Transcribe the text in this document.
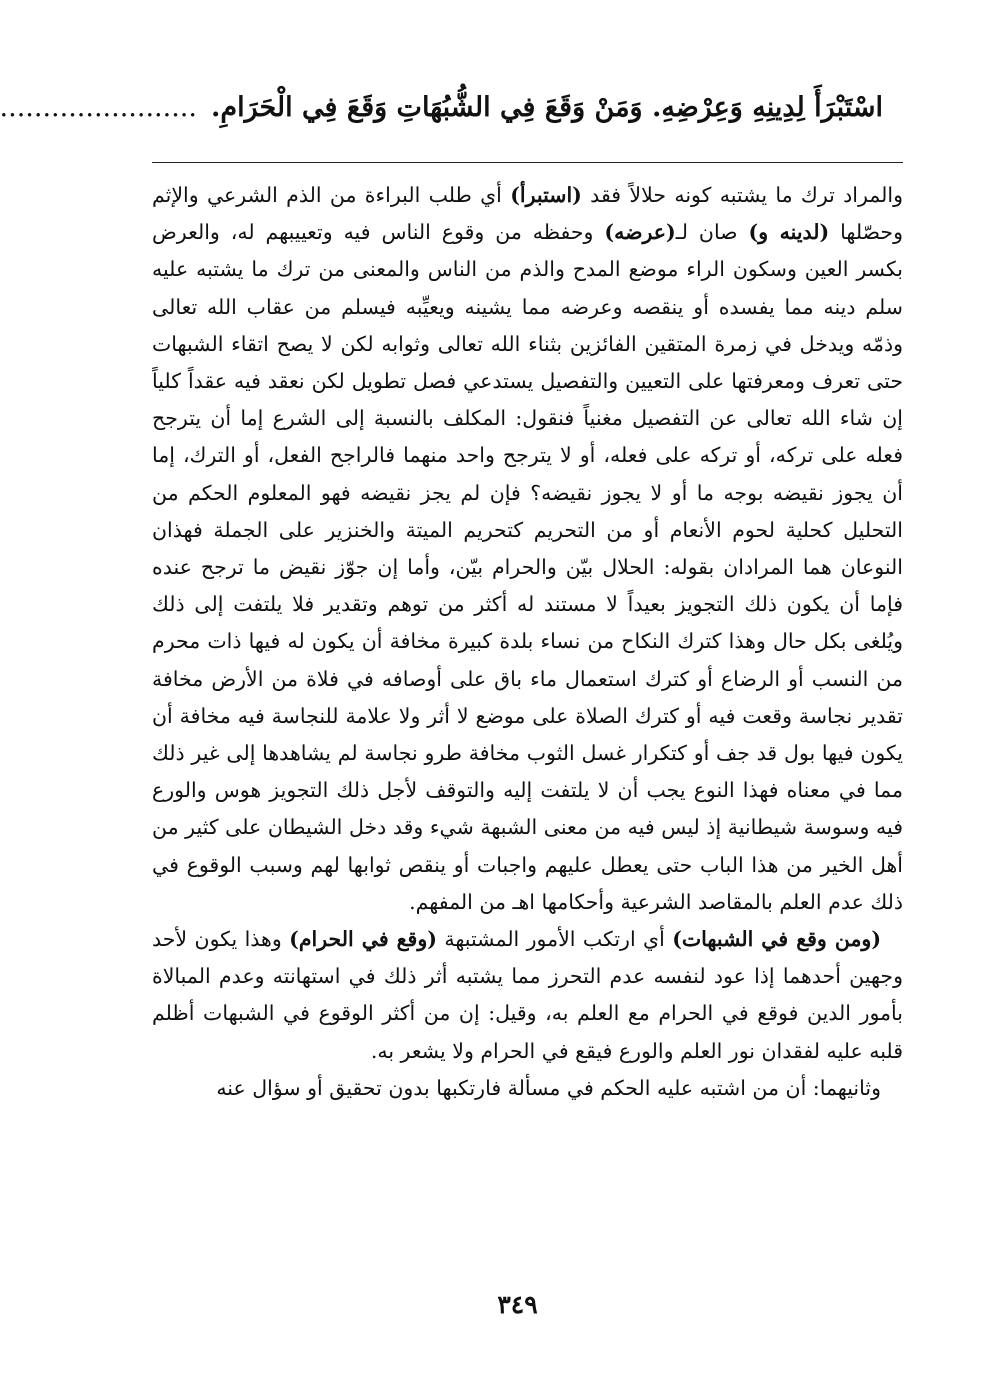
اسْتَبْرَأَ لِدِينِهِ وَعِرْضِهِ. وَمَنْ وَقَعَ فِي الشُّبُهَاتِ وَقَعَ فِي الْحَرَامِ........................

والمراد ترك ما يشتبه كونه حلالاً فقد (استبرأ) أي طلب البراءة من الذم الشرعي والإثم وحصّلها (لدينه و) صان لـ(عرضه) وحفظه من وقوع الناس فيه وتعييبهم له، والعرض بكسر العين وسكون الراء موضع المدح والذم من الناس والمعنى من ترك ما يشتبه عليه سلم دينه مما يفسده أو ينقصه وعرضه مما يشينه ويعيِّبه فيسلم من عقاب الله تعالى وذمّه ويدخل في زمرة المتقين الفائزين بثناء الله تعالى وثوابه لكن لا يصح اتقاء الشبهات حتى تعرف ومعرفتها على التعيين والتفصيل يستدعي فصل تطويل لكن نعقد فيه عقداً كلياً إن شاء الله تعالى عن التفصيل مغنياً فنقول: المكلف بالنسبة إلى الشرع إما أن يترجح فعله على تركه، أو تركه على فعله، أو لا يترجح واحد منهما فالراجح الفعل، أو الترك، إما أن يجوز نقيضه بوجه ما أو لا يجوز نقيضه؟ فإن لم يجز نقيضه فهو المعلوم الحكم من التحليل كحلية لحوم الأنعام أو من التحريم كتحريم الميتة والخنزير على الجملة فهذان النوعان هما المرادان بقوله: الحلال بيّن والحرام بيّن، وأما إن جوّز نقيض ما ترجح عنده فإما أن يكون ذلك التجويز بعيداً لا مستند له أكثر من توهم وتقدير فلا يلتفت إلى ذلك ويُلغى بكل حال وهذا كترك النكاح من نساء بلدة كبيرة مخافة أن يكون له فيها ذات محرم من النسب أو الرضاع أو كترك استعمال ماء باق على أوصافه في فلاة من الأرض مخافة تقدير نجاسة وقعت فيه أو كترك الصلاة على موضع لا أثر ولا علامة للنجاسة فيه مخافة أن يكون فيها بول قد جف أو كتكرار غسل الثوب مخافة طرو نجاسة لم يشاهدها إلى غير ذلك مما في معناه فهذا النوع يجب أن لا يلتفت إليه والتوقف لأجل ذلك التجويز هوس والورع فيه وسوسة شيطانية إذ ليس فيه من معنى الشبهة شيء وقد دخل الشيطان على كثير من أهل الخير من هذا الباب حتى يعطل عليهم واجبات أو ينقص ثوابها لهم وسبب الوقوع في ذلك عدم العلم بالمقاصد الشرعية وأحكامها اهـ من المفهم.

(ومن وقع في الشبهات) أي ارتكب الأمور المشتبهة (وقع في الحرام) وهذا يكون لأحد وجهين أحدهما إذا عود لنفسه عدم التحرز مما يشتبه أثر ذلك في استهانته وعدم المبالاة بأمور الدين فوقع في الحرام مع العلم به، وقيل: إن من أكثر الوقوع في الشبهات أظلم قلبه عليه لفقدان نور العلم والورع فيقع في الحرام ولا يشعر به.

وثانيهما: أن من اشتبه عليه الحكم في مسألة فارتكبها بدون تحقيق أو سؤال عنه

٣٤٩
